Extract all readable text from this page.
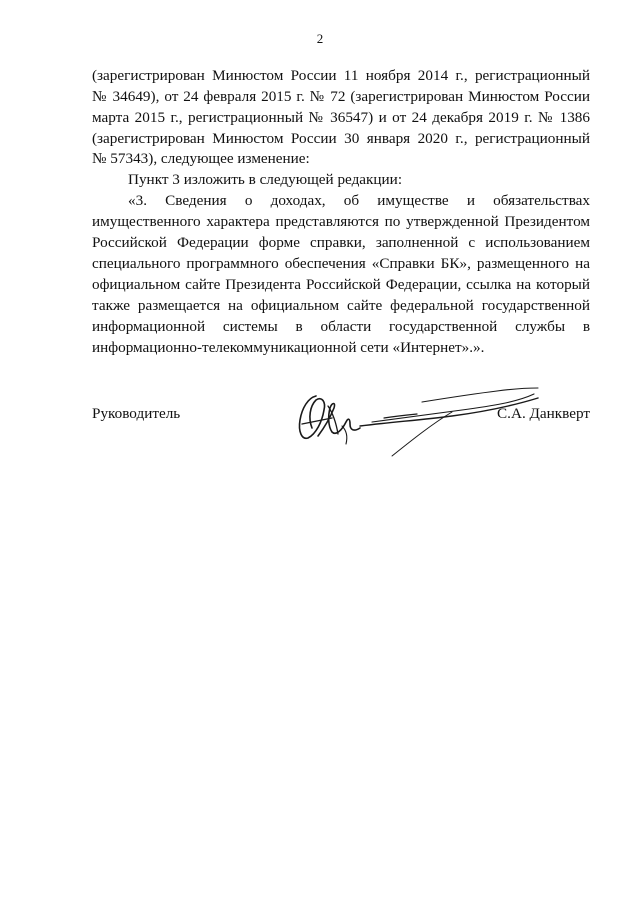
2
(зарегистрирован Минюстом России 11 ноября 2014 г., регистрационный
№ 34649), от 24 февраля 2015 г. № 72 (зарегистрирован Минюстом России
марта 2015 г., регистрационный № 36547) и от 24 декабря 2019 г. № 1386
(зарегистрирован Минюстом России 30 января 2020 г., регистрационный
№ 57343), следующее изменение:
Пункт 3 изложить в следующей редакции:
«3. Сведения о доходах, об имуществе и обязательствах
имущественного характера представляются по утвержденной Президентом
Российской Федерации форме справки, заполненной с использованием
специального программного обеспечения «Справки БК», размещенного на
официальном сайте Президента Российской Федерации, ссылка на который
также размещается на официальном сайте федеральной государственной
информационной системы в области государственной службы в
информационно-телекоммуникационной сети «Интернет».».
Руководитель	С.А. Данкверт
